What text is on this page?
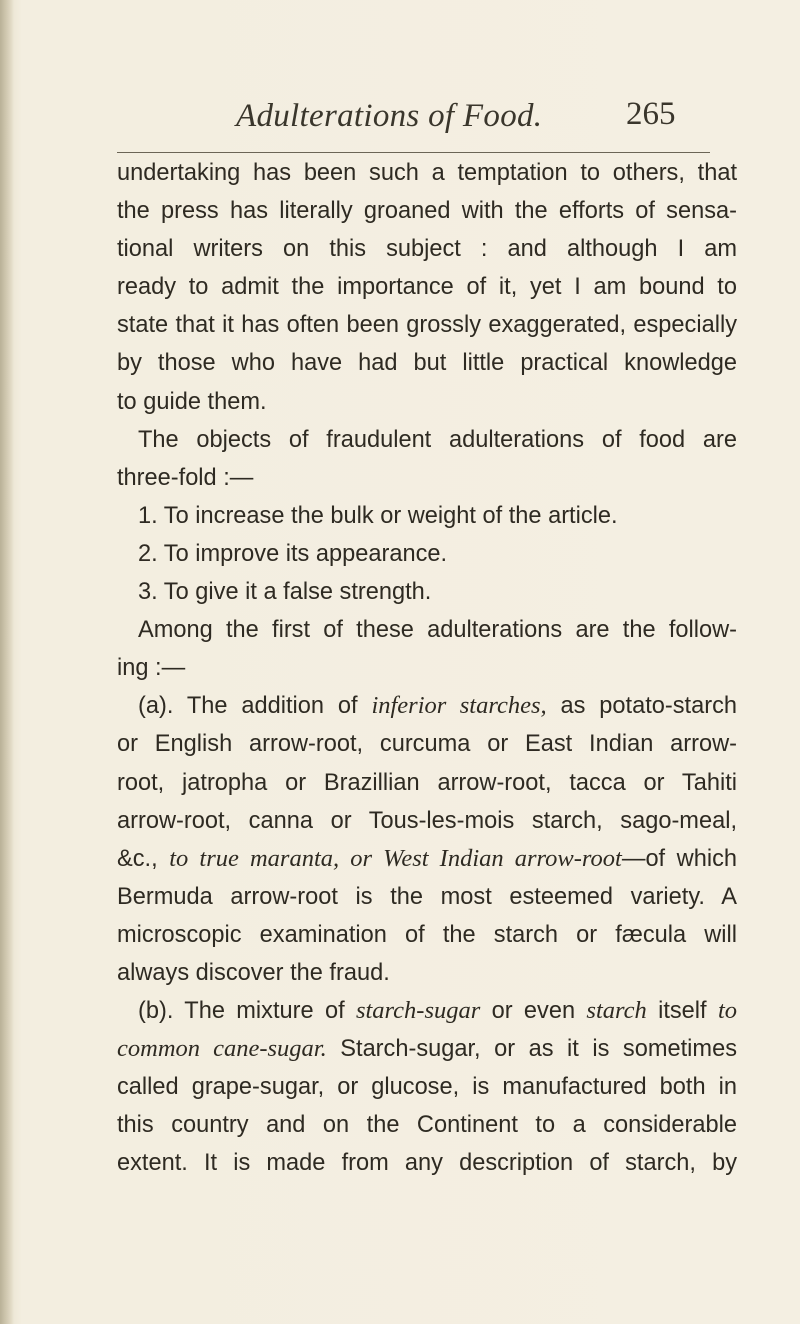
Adulterations of Food.	265
undertaking has been such a temptation to others, that
the press has literally groaned with the efforts of sensa-
tional writers on this subject : and although I am
ready to admit the importance of it, yet I am bound to
state that it has often been grossly exaggerated, especially
by those who have had but little practical knowledge
to guide them.
The objects of fraudulent adulterations of food are
three-fold :—
1. To increase the bulk or weight of the article.
2. To improve its appearance.
3. To give it a false strength.
Among the first of these adulterations are the follow-
ing :—
(a). The addition of inferior starches, as potato-starch
or English arrow-root, curcuma or East Indian arrow-
root, jatropha or Brazillian arrow-root, tacca or Tahiti
arrow-root, canna or Tous-les-mois starch, sago-meal,
&c., to true maranta, or West Indian arrow-root—of which
Bermuda arrow-root is the most esteemed variety. A
microscopic examination of the starch or fæcula will
always discover the fraud.
(b). The mixture of starch-sugar or even starch itself to
common cane-sugar. Starch-sugar, or as it is sometimes
called grape-sugar, or glucose, is manufactured both in
this country and on the Continent to a considerable
extent. It is made from any description of starch, by
